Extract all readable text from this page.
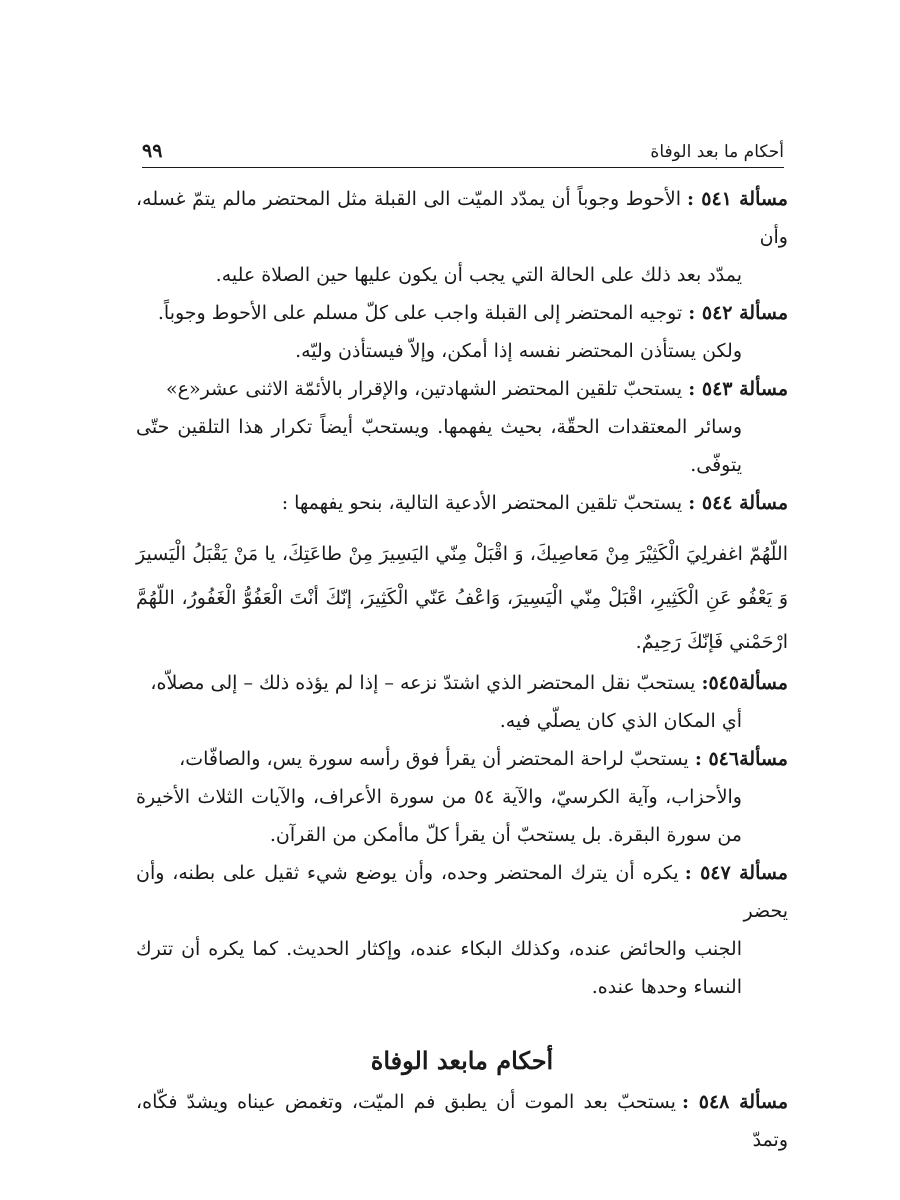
أحكام ما بعد الوفاة
٩٩

مسألة ٥٤١ :الأحوط وجوباً أن يمدّد الميّت الى القبلة مثل المحتضر مالم يتمّ غسله، وأن
يمدّد بعد ذلك على الحالة التي يجب أن يكون عليها حين الصلاة عليه.

مسألة ٥٤٢ :توجيه المحتضر إلى القبلة واجب على كلّ مسلم على الأحوط وجوباً.
ولكن يستأذن المحتضر نفسه إذا أمكن، وإلاّ فيستأذن وليّه.

مسألة ٥٤٣ :يستحبّ تلقين المحتضر الشهادتين، والإقرار بالأئمّة الاثنى عشر«ع»
وسائر المعتقدات الحقّة، بحيث يفهمها. ويستحبّ أيضاً تكرار هذا التلقين حتّى يتوفّى.

مسألة ٥٤٤ :يستحبّ تلقين المحتضر الأدعية التالية، بنحو يفهمها :

اللّهُمّ اغفرلِيَ الْكَثِيْرَ مِنْ مَعاصِيكَ، وَ اقْبَلْ مِنّي اليَسِيرَ مِنْ طاعَتِكَ، يا مَنْ يَقْبَلُ الْيَسيرَ وَ يَعْفُو عَنِ الْكَثِيرِ، اقْبَلْ مِنّي الْيَسِيرَ، وَاعْفُ عَنّي الْكَثِيرَ، إنّكَ أنْتَ الْعَفُوُّ الْغَفُورُ، اللّهُمَّ ارْحَمْني فَإنّكَ رَحِيمٌ.

مسألة٥٤٥:يستحبّ نقل المحتضر الذي اشتدّ نزعه – إذا لم يؤذه ذلك – إلى مصلاّه،
أي المكان الذي كان يصلّي فيه.

مسألة٥٤٦ :يستحبّ لراحة المحتضر أن يقرأ فوق رأسه سورة يس، والصافّات،
والأحزاب، وآية الكرسيّ، والآية ٥٤ من سورة الأعراف، والآيات الثلاث الأخيرة من سورة البقرة. بل يستحبّ أن يقرأ كلّ ماأمكن من القرآن.

مسألة ٥٤٧ :يكره أن يترك المحتضر وحده، وأن يوضع شيء ثقيل على بطنه، وأن يحضر
الجنب والحائض عنده، وكذلك البكاء عنده، وإكثار الحديث. كما يكره أن تترك النساء وحدها عنده.

أحكام مابعد الوفاة

مسألة ٥٤٨ :يستحبّ بعد الموت أن يطبق فم الميّت، وتغمض عيناه ويشدّ فكّاه، وتمدّ
